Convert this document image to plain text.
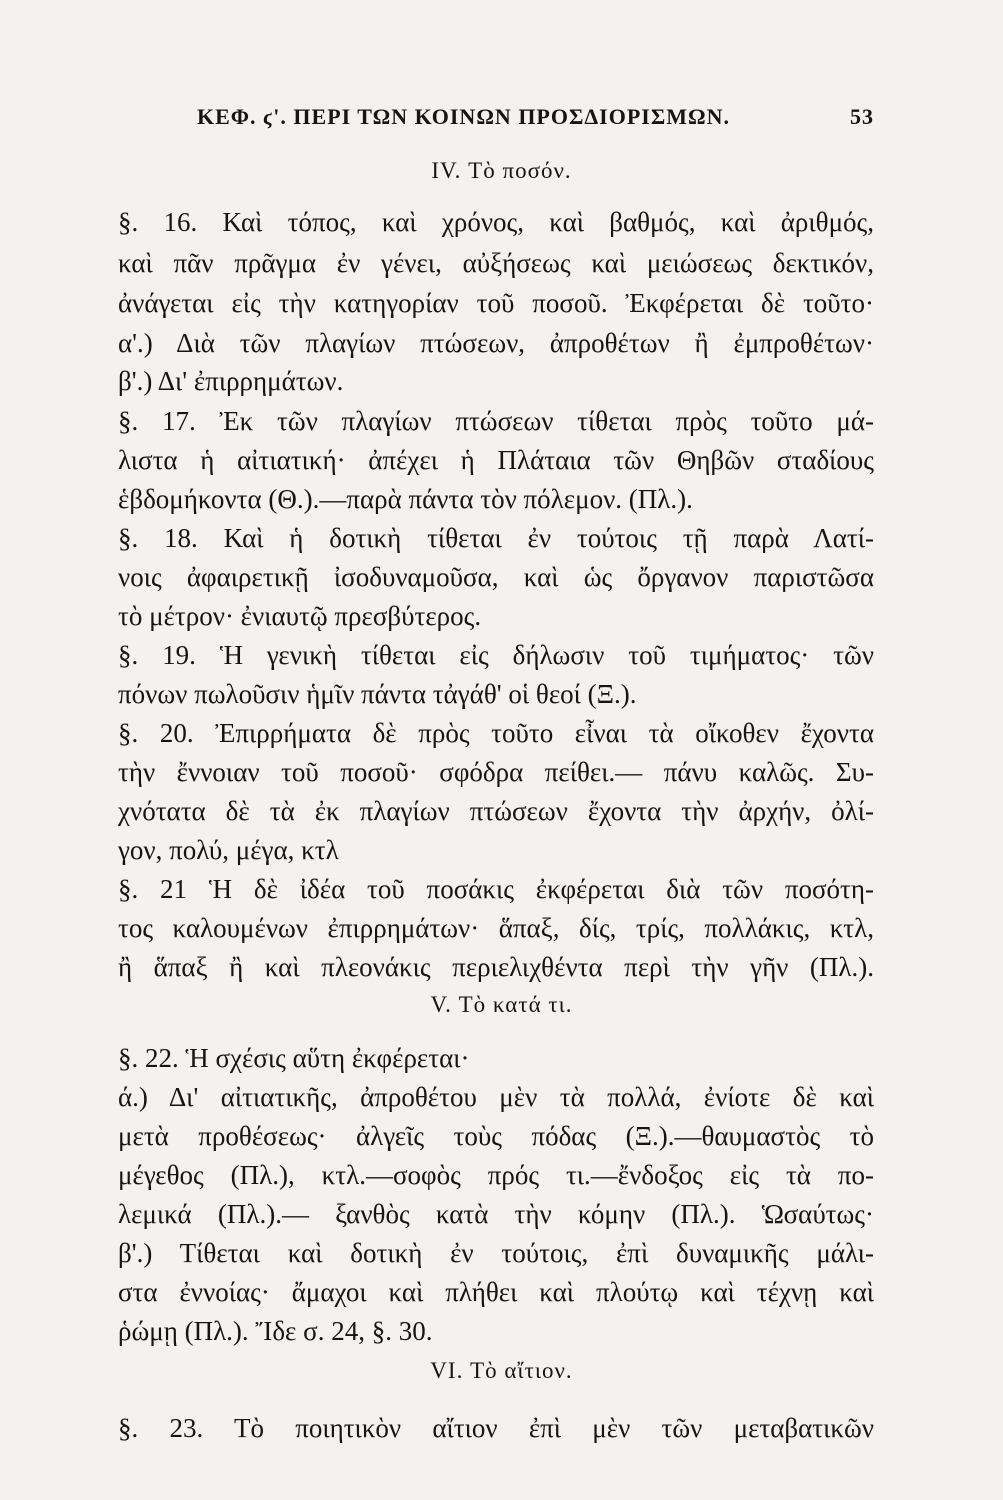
ΚΕΦ. ϛ'. ΠΕΡΙ ΤΩΝ ΚΟΙΝΩΝ ΠΡΟΣΔΙΟΡΙΣΜΩΝ.	53
IV. Τὸ ποσόν.
§. 16. Καὶ τόπος, καὶ χρόνος, καὶ βαθμός, καὶ ἀριθμός,
καὶ πᾶν πρᾶγμα ἐν γένει, αὐξήσεως καὶ μειώσεως δεκτικόν,
ἀνάγεται εἰς τὴν κατηγορίαν τοῦ ποσοῦ. Ἐκφέρεται δὲ τοῦτο·
α'.) Διὰ τῶν πλαγίων πτώσεων, ἀπροθέτων ἢ ἐμπροθέτων·
β'.) Δι' ἐπιρρημάτων.
§. 17. Ἐκ τῶν πλαγίων πτώσεων τίθεται πρὸς τοῦτο μά-
λιστα ἡ αἰτιατική· ἀπέχει ἡ Πλάταια τῶν Θηβῶν σταδίους
ἑβδομήκοντα (Θ.).—παρὰ πάντα τὸν πόλεμον. (Πλ.).
§. 18. Καὶ ἡ δοτικὴ τίθεται ἐν τούτοις τῇ παρὰ Λατί-
νοις ἀφαιρετικῇ ἰσοδυναμοῦσα, καὶ ὡς ὄργανον παριστῶσα
τὸ μέτρον· ἐνιαυτῷ πρεσβύτερος.
§. 19. Ἡ γενικὴ τίθεται εἰς δήλωσιν τοῦ τιμήματος· τῶν
πόνων πωλοῦσιν ἡμῖν πάντα τἀγάθ' οἱ θεοί (Ξ.).
§. 20. Ἐπιρρήματα δὲ πρὸς τοῦτο εἶναι τὰ οἴκοθεν ἔχοντα
τὴν ἔννοιαν τοῦ ποσοῦ· σφόδρα πείθει.— πάνυ καλῶς. Συ-
χνότατα δὲ τὰ ἐκ πλαγίων πτώσεων ἔχοντα τὴν ἀρχήν, ὀλί-
γον, πολύ, μέγα, κτλ
§. 21 Ἡ δὲ ἰδέα τοῦ ποσάκις ἐκφέρεται διὰ τῶν ποσότη-
τος καλουμένων ἐπιρρημάτων· ἅπαξ, δίς, τρίς, πολλάκις, κτλ,
ἢ ἅπαξ ἢ καὶ πλεονάκις περιελιχθέντα περὶ τὴν γῆν (Πλ.).
V. Τὸ κατά τι.
§. 22. Ἡ σχέσις αὕτη ἐκφέρεται·
ά.) Δι' αἰτιατικῆς, ἀπροθέτου μὲν τὰ πολλά, ἐνίοτε δὲ καὶ
μετὰ προθέσεως· ἀλγεῖς τοὺς πόδας (Ξ.).—θαυμαστὸς τὸ
μέγεθος (Πλ.), κτλ.—σοφὸς πρός τι.—ἔνδοξος εἰς τὰ πο-
λεμικά (Πλ.).— ξανθὸς κατὰ τὴν κόμην (Πλ.). Ὡσαύτως·
β'.) Τίθεται καὶ δοτικὴ ἐν τούτοις, ἐπὶ δυναμικῆς μάλι-
στα ἐννοίας· ἄμαχοι καὶ πλήθει καὶ πλούτῳ καὶ τέχνῃ καὶ
ῥώμῃ (Πλ.). Ἴδε σ. 24, §. 30.
VI. Τὸ αἴτιον.
§. 23. Τὸ ποιητικὸν αἴτιον ἐπὶ μὲν τῶν μεταβατικῶν
